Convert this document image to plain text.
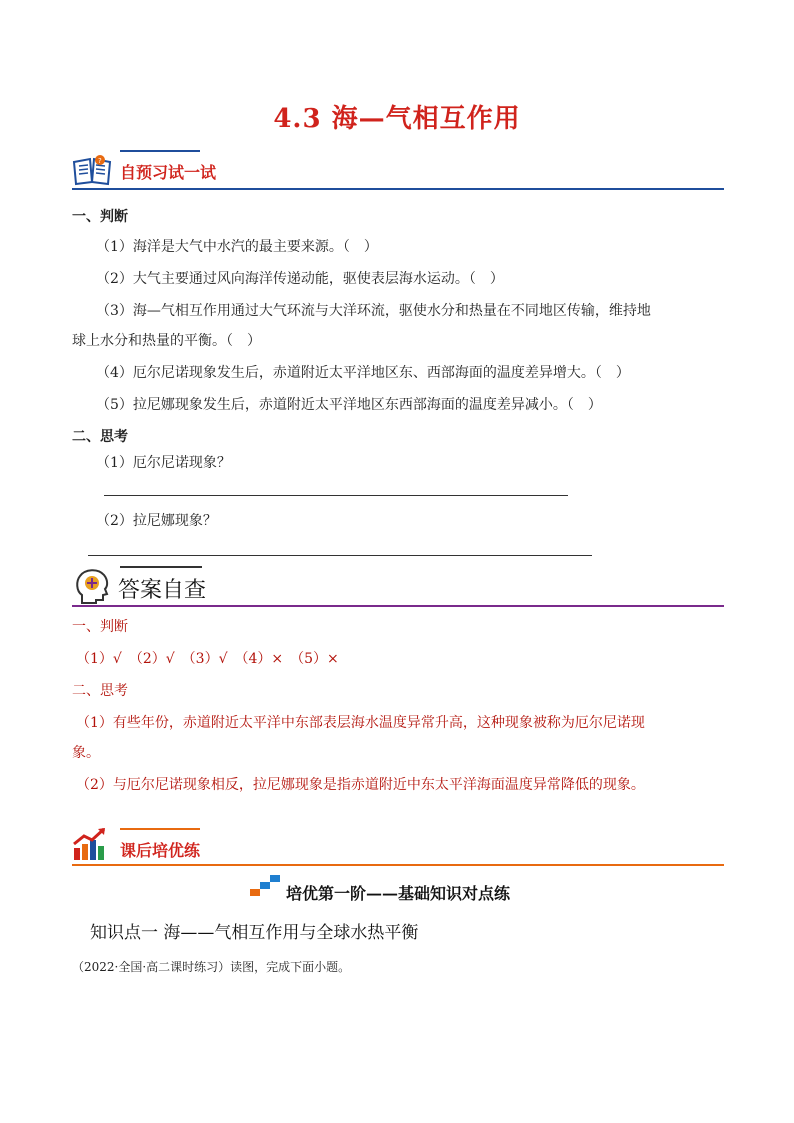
4.3 海—气相互作用
?
自预习试一试
一、判断
（1）海洋是大气中水汽的最主要来源。（　）
（2）大气主要通过风向海洋传递动能，驱使表层海水运动。（　）
（3）海—气相互作用通过大气环流与大洋环流，驱使水分和热量在不同地区传输，维持地
球上水分和热量的平衡。（　）
（4）厄尔尼诺现象发生后，赤道附近太平洋地区东、西部海面的温度差异增大。（　）
（5）拉尼娜现象发生后，赤道附近太平洋地区东西部海面的温度差异减小。（　）
二、思考
（1）厄尔尼诺现象？
（2）拉尼娜现象？
答案自查
一、判断
（1）√　（2）√　（3）√　（4）×　（5）×
二、思考
（1）有些年份，赤道附近太平洋中东部表层海水温度异常升高，这种现象被称为厄尔尼诺现
象。
（2）与厄尔尼诺现象相反，拉尼娜现象是指赤道附近中东太平洋海面温度异常降低的现象。
课后培优练
培优第一阶——基础知识对点练
知识点一 海——气相互作用与全球水热平衡
（2022·全国·高二课时练习）读图，完成下面小题。
